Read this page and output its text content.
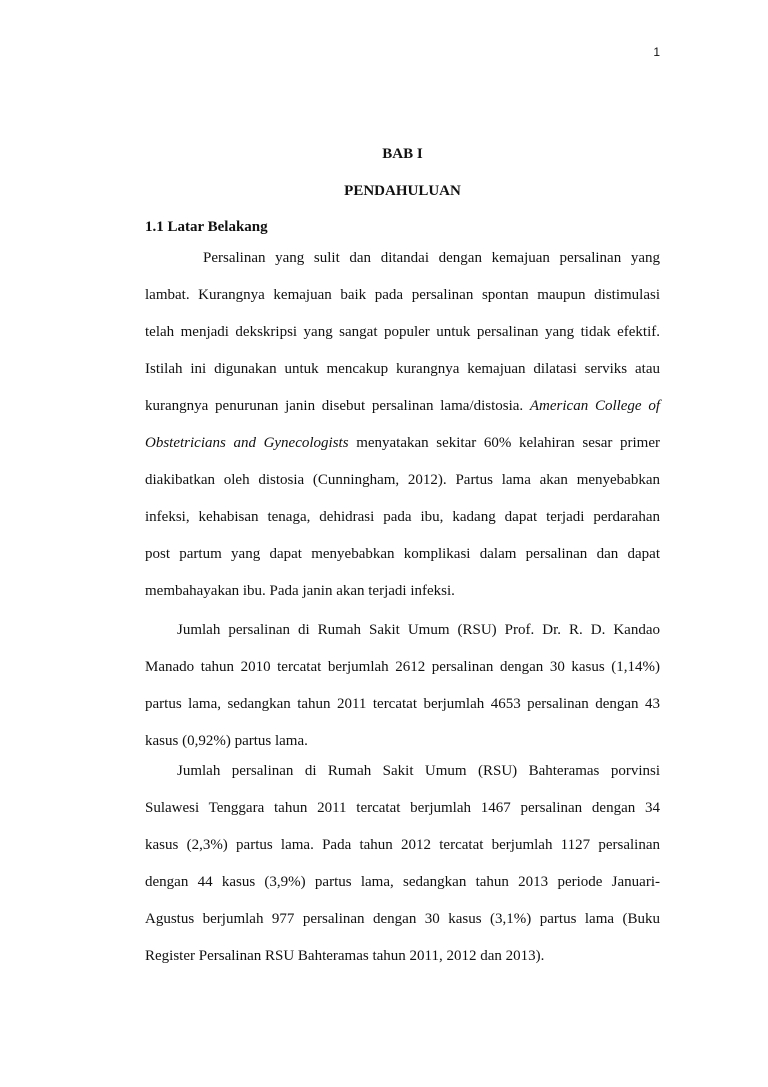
1
BAB I
PENDAHULUAN
1.1 Latar Belakang
Persalinan yang sulit dan ditandai dengan kemajuan persalinan yang
lambat. Kurangnya kemajuan baik pada persalinan spontan maupun distimulasi
telah menjadi dekskripsi yang sangat populer untuk persalinan yang tidak efektif.
Istilah ini digunakan untuk mencakup kurangnya kemajuan dilatasi serviks atau
kurangnya penurunan janin disebut persalinan lama/distosia. American College of
Obstetricians and Gynecologists menyatakan sekitar 60% kelahiran sesar primer
diakibatkan oleh distosia (Cunningham, 2012). Partus lama akan menyebabkan
infeksi, kehabisan tenaga, dehidrasi pada ibu, kadang dapat terjadi perdarahan
post partum yang dapat menyebabkan komplikasi dalam persalinan dan dapat
membahayakan ibu. Pada janin akan terjadi infeksi.
Jumlah persalinan di Rumah Sakit Umum (RSU) Prof. Dr. R. D. Kandao
Manado tahun 2010 tercatat berjumlah 2612 persalinan dengan 30 kasus (1,14%)
partus lama, sedangkan tahun 2011 tercatat berjumlah 4653 persalinan dengan 43
kasus (0,92%) partus lama.
Jumlah persalinan di Rumah Sakit Umum (RSU) Bahteramas porvinsi
Sulawesi Tenggara tahun 2011 tercatat berjumlah 1467 persalinan dengan 34
kasus (2,3%) partus lama. Pada tahun 2012 tercatat berjumlah 1127 persalinan
dengan 44 kasus (3,9%) partus lama, sedangkan tahun 2013 periode Januari-
Agustus berjumlah 977 persalinan dengan 30 kasus (3,1%) partus lama (Buku
Register Persalinan RSU Bahteramas tahun 2011, 2012 dan 2013).
